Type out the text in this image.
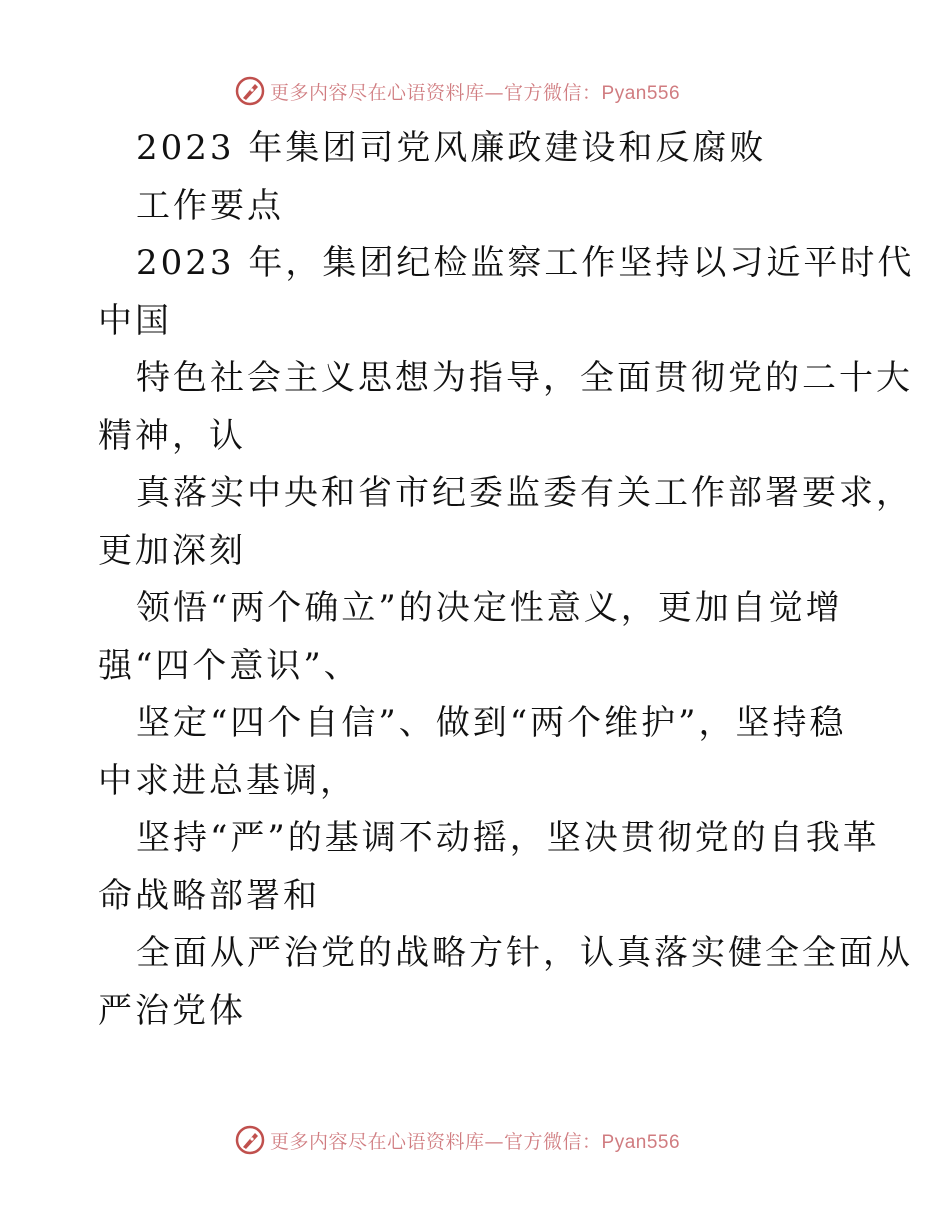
更多内容尽在心语资料库—官方微信：Pyan556
2023 年集团司党风廉政建设和反腐败
工作要点
2023 年，集团纪检监察工作坚持以习近平时代
中国
特色社会主义思想为指导，全面贯彻党的二十大
精神，认
真落实中央和省市纪委监委有关工作部署要求，
更加深刻
领悟“两个确立”的决定性意义，更加自觉增
强“四个意识”、
坚定“四个自信”、做到“两个维护”，坚持稳
中求进总基调，
坚持“严”的基调不动摇，坚决贯彻党的自我革
命战略部署和
全面从严治党的战略方针，认真落实健全全面从
严治党体
更多内容尽在心语资料库—官方微信：Pyan556
